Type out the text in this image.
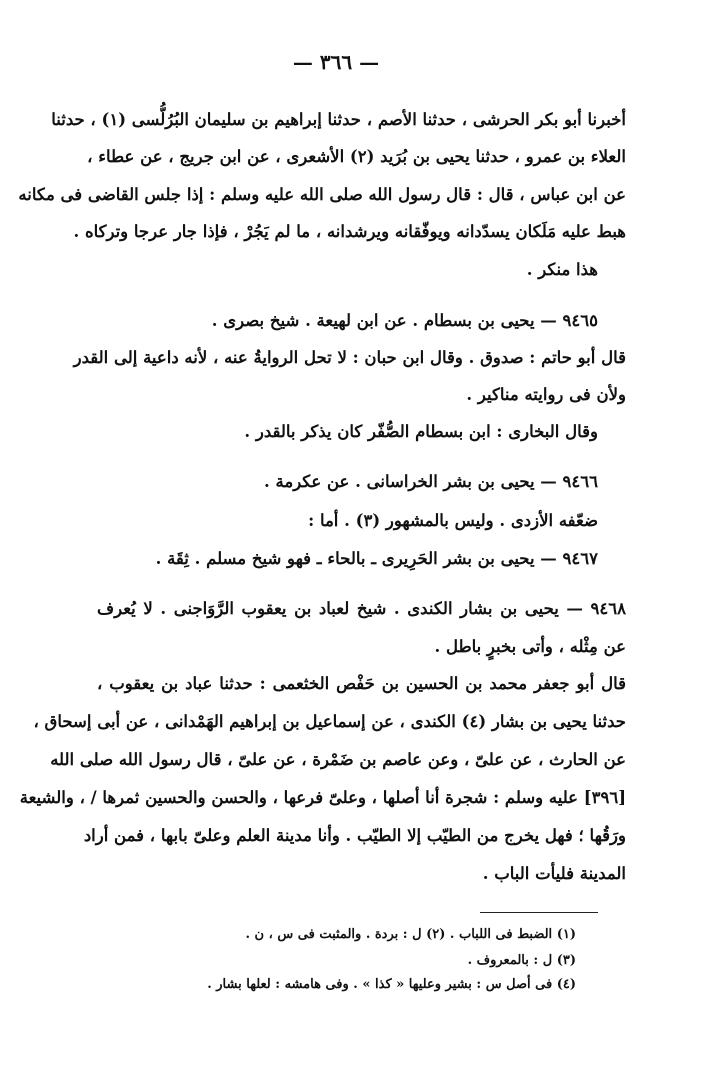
— ٣٦٦ —
أخبرنا أبو بكر الحرشى ، حدثنا الأصم ، حدثنا إبراهيم بن سليمان البُرُلُّسى (١) ، حدثنا
العلاء بن عمرو ، حدثنا يحيى بن بُرَيد (٢) الأشعرى ، عن ابن جريج ، عن عطاء ،
عن ابن عباس ، قال : قال رسول الله صلى الله عليه وسلم : إذا جلس القاضى فى مكانه
هبط عليه مَلَكان يسدّدانه ويوفّقانه ويرشدانه ، ما لم يَجُرْ ، فإذا جار عرجا وتركاه .
هذا منكر .
٩٤٦٥ — يحيى بن بسطام . عن ابن لهيعة . شيخ بصرى .
قال أبو حاتم : صدوق . وقال ابن حبان : لا تحل الروايةُ عنه ، لأنه داعية إلى القدر
ولأن فى روايته مناكير .
وقال البخارى : ابن بسطام الصُّفّر كان يذكر بالقدر .
٩٤٦٦ — يحيى بن بشر الخراسانى . عن عكرمة .
ضعّفه الأزدى . وليس بالمشهور (٣) . أما :
٩٤٦٧ — يحيى بن بشر الحَرِيرى ـ بالحاء ـ فهو شيخ مسلم . ثِقَة .
٩٤٦٨ — يحيى بن بشار الكندى . شيخ لعباد بن يعقوب الرَّوَاجنى . لا يُعرف
عن مِثْله ، وأتى بخبرٍ باطل .
قال أبو جعفر محمد بن الحسين بن حَفْص الخثعمى : حدثنا عباد بن يعقوب ،
حدثنا يحيى بن بشار (٤) الكندى ، عن إسماعيل بن إبراهيم الهَمْدانى ، عن أبى إسحاق ،
عن الحارث ، عن علىّ ، وعن عاصم بن ضَمْرة ، عن علىّ ، قال رسول الله صلى الله
[٣٩٦] عليه وسلم : شجرة أنا أصلها ، وعلىّ فرعها ، والحسن والحسين ثمرها / ، والشيعة
ورَقُها ؛ فهل يخرج من الطيّب إلا الطيّب . وأنا مدينة العلم وعلىّ بابها ، فمن أراد
المدينة فليأت الباب .
(١) الضبط فى اللباب . (٢) ل : بردة . والمثبت فى س ، ن .
(٣) ل : بالمعروف .
(٤) فى أصل س : بشير وعليها « كذا » . وفى هامشه : لعلها بشار .
